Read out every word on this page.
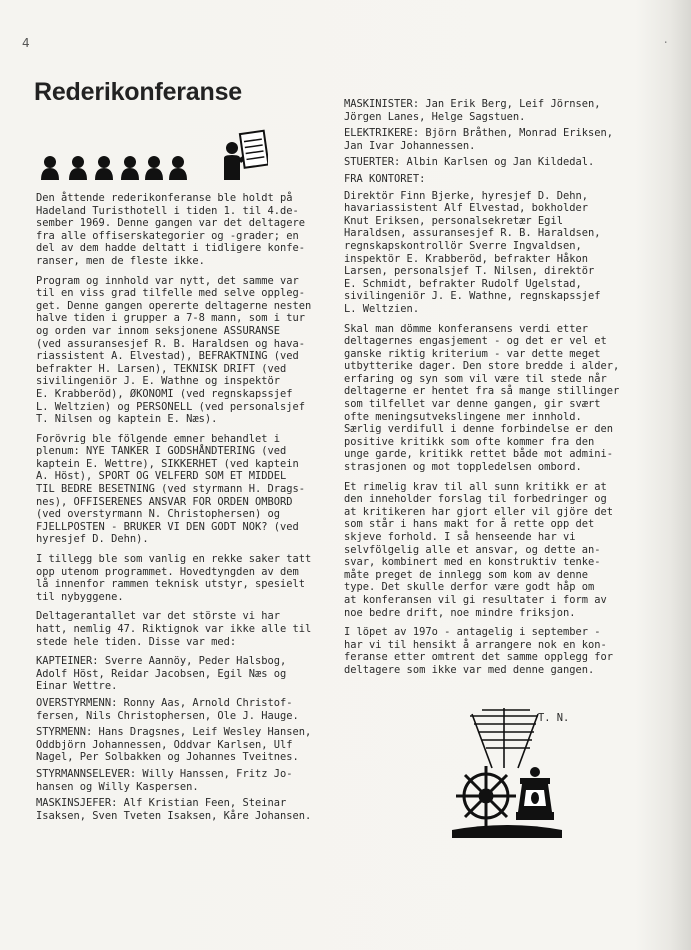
4	·
Rederikonferanse

Den åttende rederikonferanse ble holdt på
Hadeland Turisthotell i tiden 1. til 4.de-
sember 1969. Denne gangen var det deltagere
fra alle offiserskategorier og -grader; en
del av dem hadde deltatt i tidligere konfe-
ranser, men de fleste ikke.

Program og innhold var nytt, det samme var
til en viss grad tilfelle med selve oppleg-
get. Denne gangen opererte deltagerne nesten
halve tiden i grupper a 7-8 mann, som i tur
og orden var innom seksjonene ASSURANSE
(ved assuransesjef R. B. Haraldsen og hava-
riassistent A. Elvestad), BEFRAKTNING (ved
befrakter H. Larsen), TEKNISK DRIFT (ved
sivilingeniör J. E. Wathne og inspektör
E. Krabberöd), ØKONOMI (ved regnskapssjef
L. Weltzien) og PERSONELL (ved personalsjef
T. Nilsen og kaptein E. Næs).

Forövrig ble fölgende emner behandlet i
plenum: NYE TANKER I GODSHÅNDTERING (ved
kaptein E. Wettre), SIKKERHET (ved kaptein
A. Höst), SPORT OG VELFERD SOM ET MIDDEL
TIL BEDRE BESETNING (ved styrmann H. Drags-
nes), OFFISERENES ANSVAR FOR ORDEN OMBORD
(ved overstyrmann N. Christophersen) og
FJELLPOSTEN - BRUKER VI DEN GODT NOK? (ved
hyresjef D. Dehn).

I tillegg ble som vanlig en rekke saker tatt
opp utenom programmet. Hovedtyngden av dem
lå innenfor rammen teknisk utstyr, spesielt
til nybyggene.

Deltagerantallet var det störste vi har
hatt, nemlig 47. Riktignok var ikke alle til
stede hele tiden. Disse var med:

KAPTEINER: Sverre Aannöy, Peder Halsbog,
Adolf Höst, Reidar Jacobsen, Egil Næs og
Einar Wettre.

OVERSTYRMENN: Ronny Aas, Arnold Christof-
fersen, Nils Christophersen, Ole J. Hauge.

STYRMENN: Hans Dragsnes, Leif Wesley Hansen,
Oddbjörn Johannessen, Oddvar Karlsen, Ulf
Nagel, Per Solbakken og Johannes Tveitnes.

STYRMANNSELEVER: Willy Hanssen, Fritz Jo-
hansen og Willy Kaspersen.

MASKINSJEFER: Alf Kristian Feen, Steinar
Isaksen, Sven Tveten Isaksen, Kåre Johansen.

MASKINISTER: Jan Erik Berg, Leif Jörnsen,
Jörgen Lanes, Helge Sagstuen.

ELEKTRIKERE: Björn Bråthen, Monrad Eriksen,
Jan Ivar Johannessen.

STUERTER: Albin Karlsen og Jan Kildedal.

FRA KONTORET:

Direktör Finn Bjerke, hyresjef D. Dehn,
havariassistent Alf Elvestad, bokholder
Knut Eriksen, personalsekretær Egil
Haraldsen, assuransesjef R. B. Haraldsen,
regnskapskontrollör Sverre Ingvaldsen,
inspektör E. Krabberöd, befrakter Håkon
Larsen, personalsjef T. Nilsen, direktör
E. Schmidt, befrakter Rudolf Ugelstad,
sivilingeniör J. E. Wathne, regnskapssjef
L. Weltzien.

Skal man dömme konferansens verdi etter
deltagernes engasjement - og det er vel et
ganske riktig kriterium - var dette meget
utbytterike dager. Den store bredde i alder,
erfaring og syn som vil være til stede når
deltagerne er hentet fra så mange stillinger
som tilfellet var denne gangen, gir svært
ofte meningsutvekslingene mer innhold.
Særlig verdifull i denne forbindelse er den
positive kritikk som ofte kommer fra den
unge garde, kritikk rettet både mot admini-
strasjonen og mot toppledelsen ombord.

Et rimelig krav til all sunn kritikk er at
den inneholder forslag til forbedringer og
at kritikeren har gjort eller vil gjöre det
som står i hans makt for å rette opp det
skjeve forhold. I så henseende har vi
selvfölgelig alle et ansvar, og dette an-
svar, kombinert med en konstruktiv tenke-
måte preget de innlegg som kom av denne
type. Det skulle derfor være godt håp om
at konferansen vil gi resultater i form av
noe bedre drift, noe mindre friksjon.

I löpet av 197o - antagelig i september -
har vi til hensikt å arrangere nok en kon-
feranse etter omtrent det samme opplegg for
deltagere som ikke var med denne gangen.

T. N.
